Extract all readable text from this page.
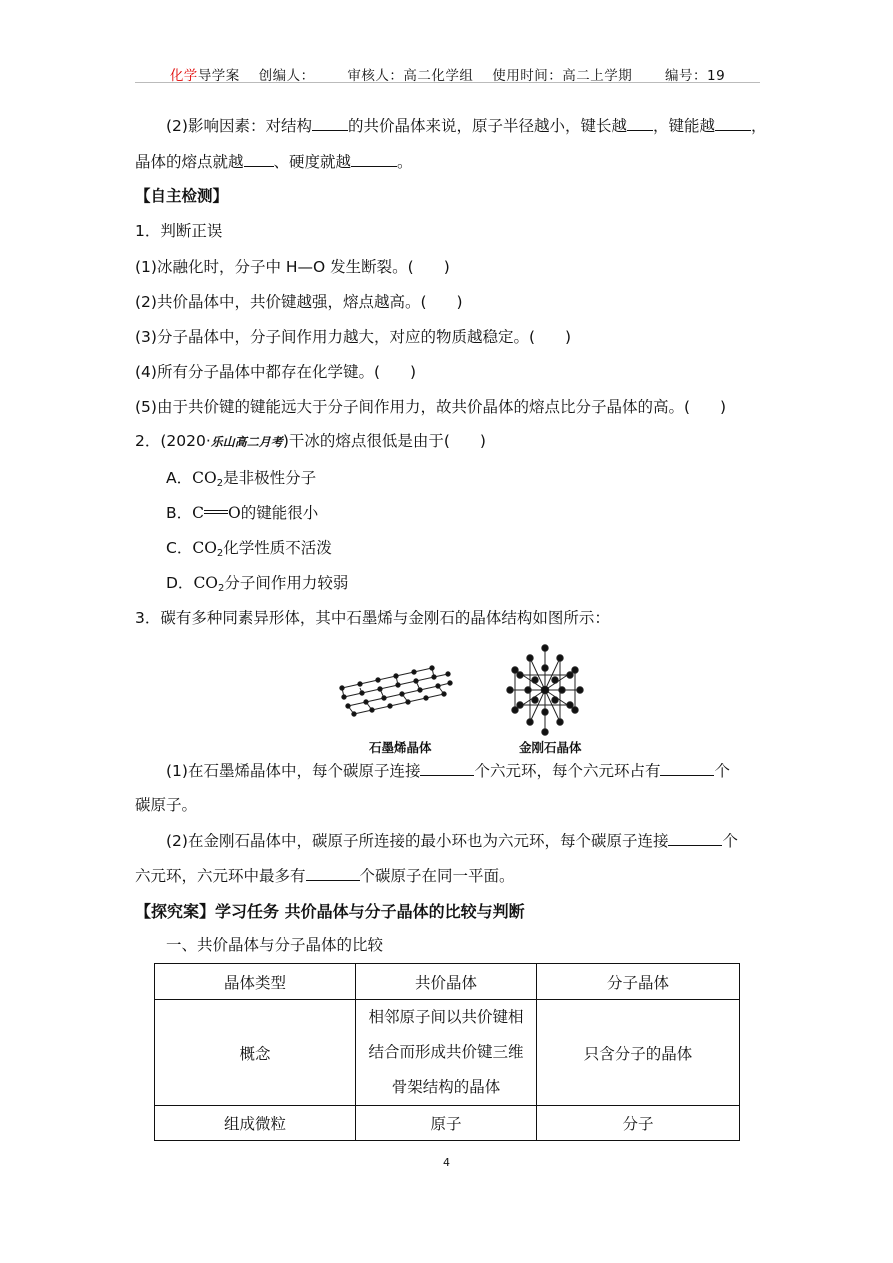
化学导学案 创编人： 审核人：高二化学组 使用时间：高二上学期 编号：19
(2)影响因素：对结构 的共价晶体来说，原子半径越小，键长越 ，键能越 ，
晶体的熔点就越 、硬度就越	。
【自主检测】
1．判断正误
(1)冰融化时，分子中 H—O 发生断裂。( )
(2)共价晶体中，共价键越强，熔点越高。( )
(3)分子晶体中，分子间作用力越大，对应的物质越稳定。( )
(4)所有分子晶体中都存在化学键。( )
(5)由于共价键的键能远大于分子间作用力，故共价晶体的熔点比分子晶体的高。( )
2．(2020·乐山高二月考)干冰的熔点很低是由于( )
A．$CO_2$是非极性分子
B．C O的键能很小
C．$CO_2$化学性质不活泼
D．$CO_2$分子间作用力较弱
3．碳有多种同素异形体，其中石墨烯与金刚石的晶体结构如图所示：
石墨烯晶体	金刚石晶体
(1)在石墨烯晶体中，每个碳原子连接	个六元环，每个六元环占有	个
碳原子。
(2)在金刚石晶体中，碳原子所连接的最小环也为六元环，每个碳原子连接	个
六元环，六元环中最多有	个碳原子在同一平面。
【探究案】学习任务 共价晶体与分子晶体的比较与判断
一、共价晶体与分子晶体的比较
晶体类型	共价晶体	分子晶体
概念	相邻原子间以共价键相
结合而形成共价键三维
骨架结构的晶体	只含分子的晶体
组成微粒	原子	分子
4
